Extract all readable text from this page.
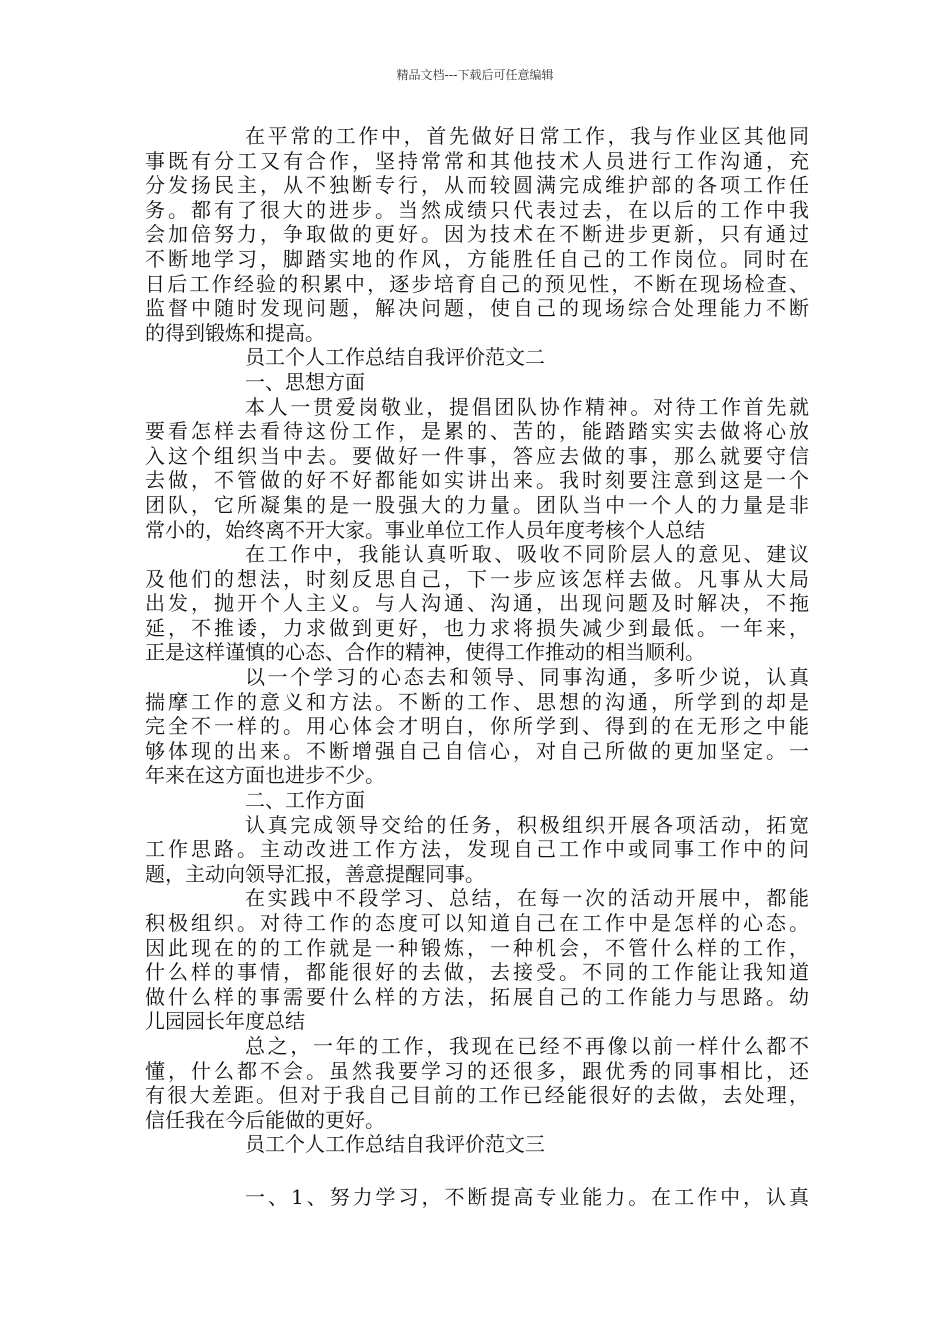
精品文档---下载后可任意编辑
在平常的工作中，首先做好日常工作，我与作业区其他同
事既有分工又有合作，坚持常常和其他技术人员进行工作沟通，充
分发扬民主，从不独断专行，从而较圆满完成维护部的各项工作任
务。都有了很大的进步。当然成绩只代表过去，在以后的工作中我
会加倍努力，争取做的更好。因为技术在不断进步更新，只有通过
不断地学习，脚踏实地的作风，方能胜任自己的工作岗位。同时在
日后工作经验的积累中，逐步培育自己的预见性，不断在现场检查、
监督中随时发现问题，解决问题，使自己的现场综合处理能力不断
的得到锻炼和提高。
员工个人工作总结自我评价范文二
一、思想方面
本人一贯爱岗敬业，提倡团队协作精神。对待工作首先就
要看怎样去看待这份工作，是累的、苦的，能踏踏实实去做将心放
入这个组织当中去。要做好一件事，答应去做的事，那么就要守信
去做，不管做的好不好都能如实讲出来。我时刻要注意到这是一个
团队，它所凝集的是一股强大的力量。团队当中一个人的力量是非
常小的，始终离不开大家。事业单位工作人员年度考核个人总结
在工作中，我能认真听取、吸收不同阶层人的意见、建议
及他们的想法，时刻反思自己，下一步应该怎样去做。凡事从大局
出发，抛开个人主义。与人沟通、沟通，出现问题及时解决，不拖
延，不推诿，力求做到更好，也力求将损失减少到最低。一年来，
正是这样谨慎的心态、合作的精神，使得工作推动的相当顺利。
以一个学习的心态去和领导、同事沟通，多听少说，认真
揣摩工作的意义和方法。不断的工作、思想的沟通，所学到的却是
完全不一样的。用心体会才明白，你所学到、得到的在无形之中能
够体现的出来。不断增强自己自信心，对自己所做的更加坚定。一
年来在这方面也进步不少。
二、工作方面
认真完成领导交给的任务，积极组织开展各项活动，拓宽
工作思路。主动改进工作方法，发现自己工作中或同事工作中的问
题，主动向领导汇报，善意提醒同事。
在实践中不段学习、总结，在每一次的活动开展中，都能
积极组织。对待工作的态度可以知道自己在工作中是怎样的心态。
因此现在的的工作就是一种锻炼，一种机会，不管什么样的工作，
什么样的事情，都能很好的去做，去接受。不同的工作能让我知道
做什么样的事需要什么样的方法，拓展自己的工作能力与思路。幼
儿园园长年度总结
总之，一年的工作，我现在已经不再像以前一样什么都不
懂，什么都不会。虽然我要学习的还很多，跟优秀的同事相比，还
有很大差距。但对于我自己目前的工作已经能很好的去做，去处理，
信任我在今后能做的更好。
员工个人工作总结自我评价范文三
一、1、努力学习，不断提高专业能力。在工作中，认真
